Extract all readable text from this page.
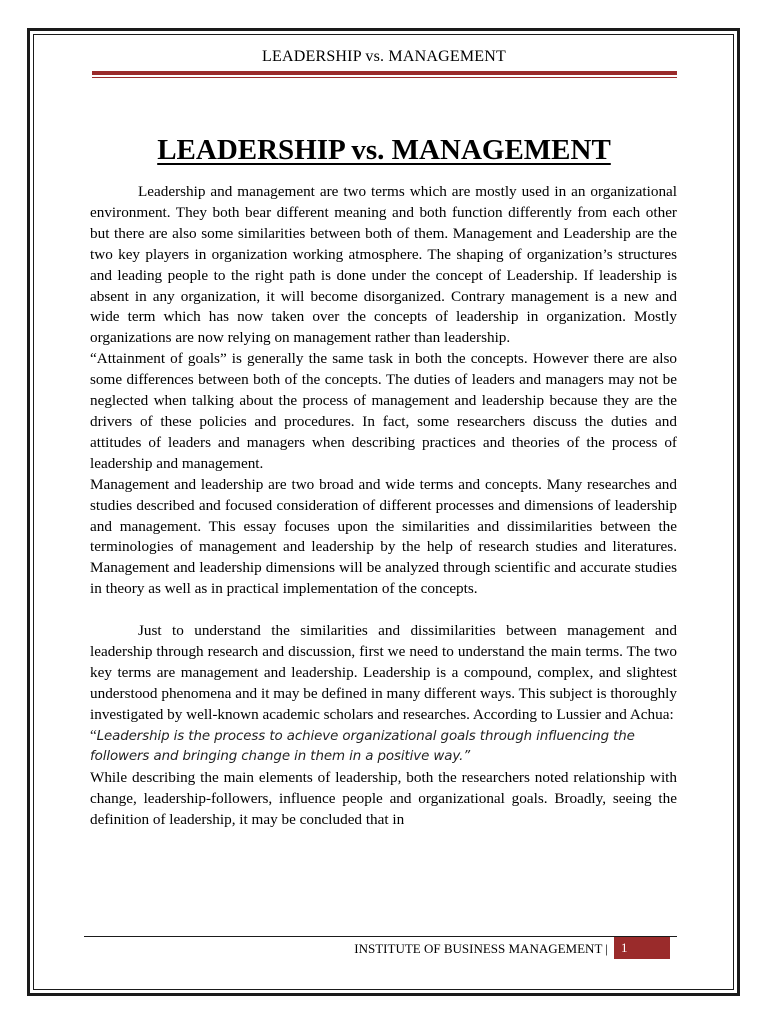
LEADERSHIP vs. MANAGEMENT
LEADERSHIP vs. MANAGEMENT

Leadership and management are two terms which are mostly used in an organizational environment. They both bear different meaning and both function differently from each other but there are also some similarities between both of them. Management and Leadership are the two key players in organization working atmosphere. The shaping of organization’s structures and leading people to the right path is done under the concept of Leadership. If leadership is absent in any organization, it will become disorganized. Contrary management is a new and wide term which has now taken over the concepts of leadership in organization. Mostly organizations are now relying on management rather than leadership.

“Attainment of goals” is generally the same task in both the concepts. However there are also some differences between both of the concepts. The duties of leaders and managers may not be neglected when talking about the process of management and leadership because they are the drivers of these policies and procedures. In fact, some researchers discuss the duties and attitudes of leaders and managers when describing practices and theories of the process of leadership and management.

Management and leadership are two broad and wide terms and concepts. Many researches and studies described and focused consideration of different processes and dimensions of leadership and management. This essay focuses upon the similarities and dissimilarities between the terminologies of management and leadership by the help of research studies and literatures. Management and leadership dimensions will be analyzed through scientific and accurate studies in theory as well as in practical implementation of the concepts.

Just to understand the similarities and dissimilarities between management and leadership through research and discussion, first we need to understand the main terms. The two key terms are management and leadership. Leadership is a compound, complex, and slightest understood phenomena and it may be defined in many different ways. This subject is thoroughly investigated by well-known academic scholars and researches. According to Lussier and Achua:

“Leadership is the process to achieve organizational goals through influencing the followers and bringing change in them in a positive way.”

While describing the main elements of leadership, both the researchers noted relationship with change, leadership-followers, influence people and organizational goals. Broadly, seeing the definition of leadership, it may be concluded that in

INSTITUTE OF BUSINESS MANAGEMENT |	1
